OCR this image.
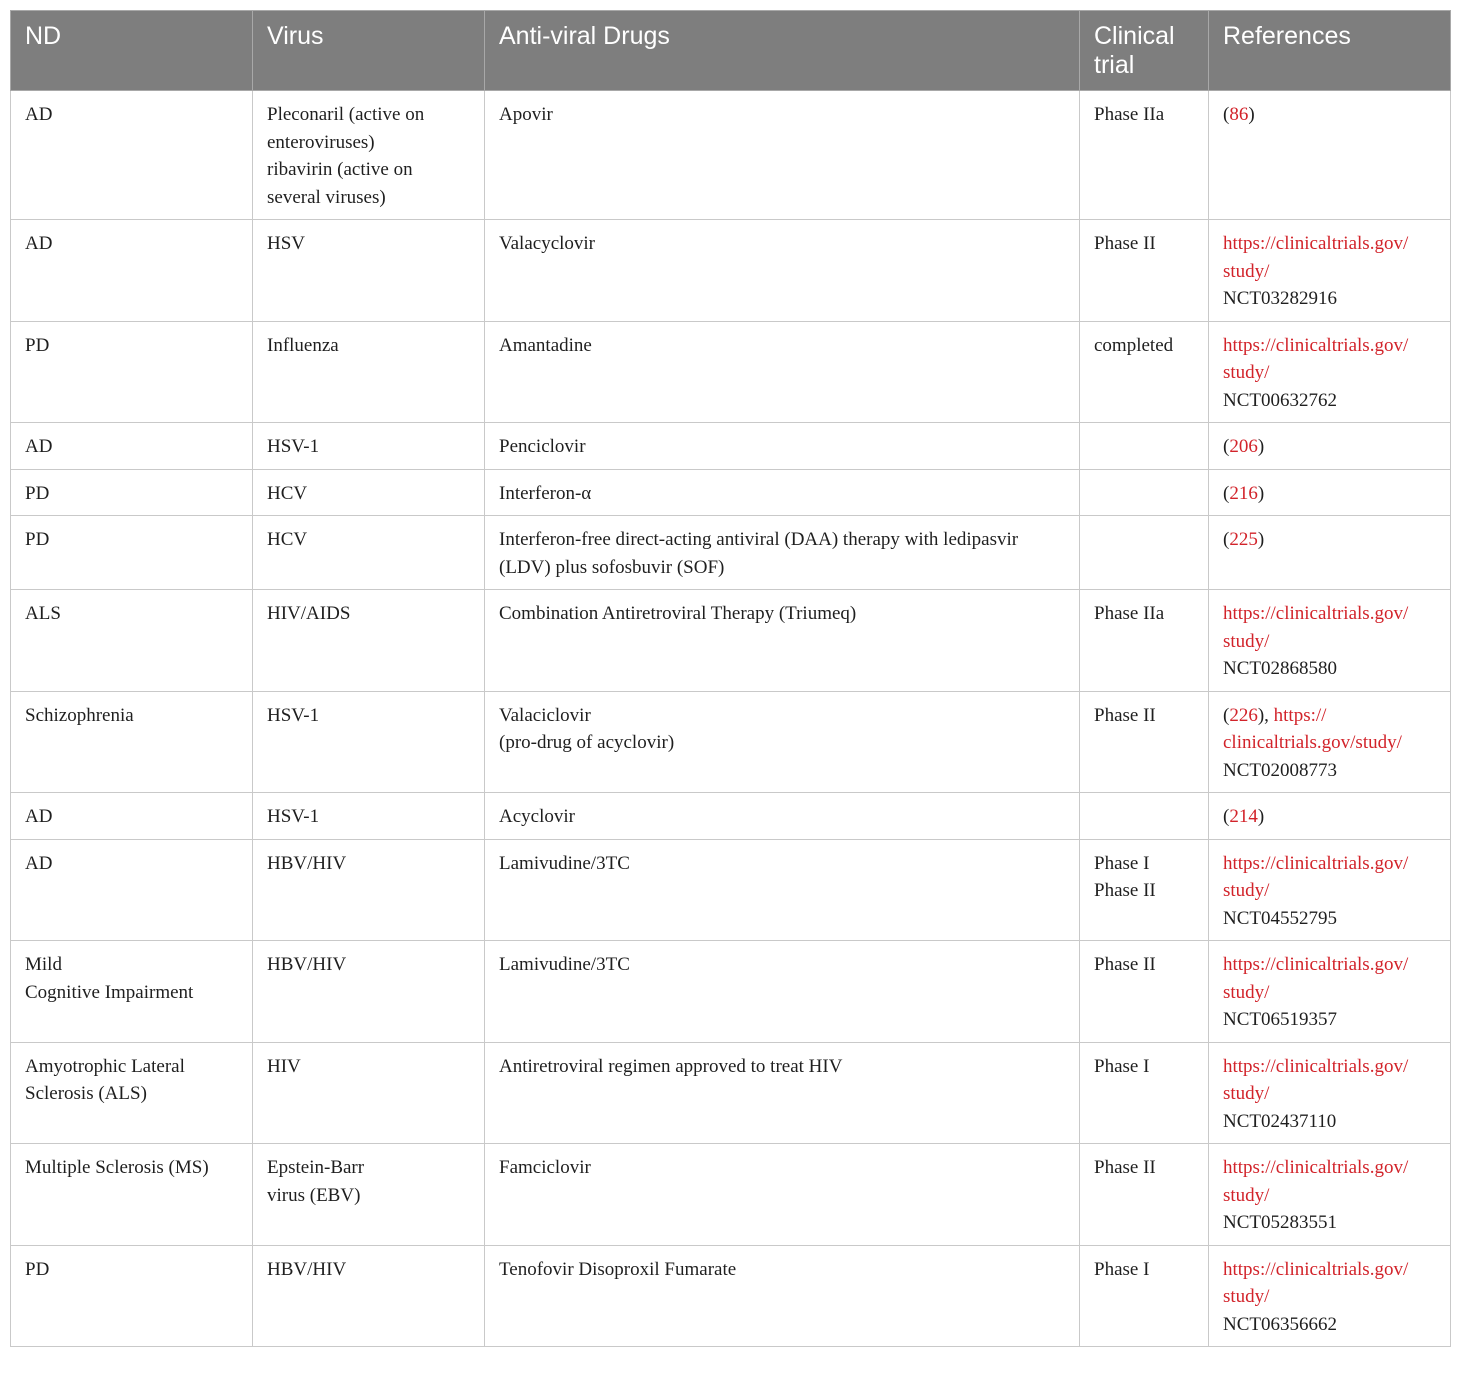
ND	Virus	Anti-viral Drugs	Clinical trial	References

AD	Pleconaril (active on
enteroviruses)
ribavirin (active on
several viruses)	Apovir	Phase IIa	(86)

AD	HSV	Valacyclovir	Phase II	https://clinicaltrials.gov/
study/
NCT03282916

PD	Influenza	Amantadine	completed	https://clinicaltrials.gov/
study/
NCT00632762

AD	HSV-1	Penciclovir		(206)

PD	HCV	Interferon-α		(216)

PD	HCV	Interferon-free direct-acting antiviral (DAA) therapy with ledipasvir
(LDV) plus sofosbuvir (SOF)		(225)

ALS	HIV/AIDS	Combination Antiretroviral Therapy (Triumeq)	Phase IIa	https://clinicaltrials.gov/
study/
NCT02868580

Schizophrenia	HSV-1	Valaciclovir
(pro-drug of acyclovir)	Phase II	(226), https://
clinicaltrials.gov/study/
NCT02008773

AD	HSV-1	Acyclovir		(214)

AD	HBV/HIV	Lamivudine/3TC	Phase I
Phase II	https://clinicaltrials.gov/
study/
NCT04552795

Mild
Cognitive Impairment	HBV/HIV	Lamivudine/3TC	Phase II	https://clinicaltrials.gov/
study/
NCT06519357

Amyotrophic Lateral
Sclerosis (ALS)	HIV	Antiretroviral regimen approved to treat HIV	Phase I	https://clinicaltrials.gov/
study/
NCT02437110

Multiple Sclerosis (MS)	Epstein-Barr
virus (EBV)	Famciclovir	Phase II	https://clinicaltrials.gov/
study/
NCT05283551

PD	HBV/HIV	Tenofovir Disoproxil Fumarate	Phase I	https://clinicaltrials.gov/
study/
NCT06356662
